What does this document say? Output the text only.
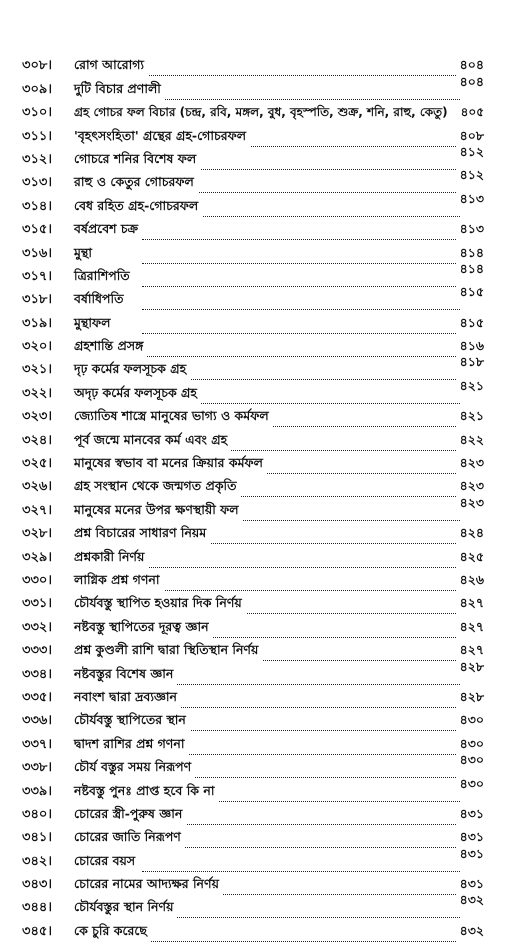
৩০৮।	রোগ আরোগ্য	৪০৪
৩০৯।	দুটি বিচার প্রণালী	৪০৪
৩১০।	গ্রহ গোচর ফল বিচার (চন্দ্র, রবি, মঙ্গল, বুধ, বৃহস্পতি, শুক্র, শনি, রাহু, কেতু) ৪০৫
৩১১।	'বৃহৎসংহিতা' গ্রন্থের গ্রহ-গোচরফল	৪০৮
৩১২।	গোচরে শনির বিশেষ ফল	৪১২
৩১৩।	রাহু ও কেতুর গোচরফল	৪১২
৩১৪।	বেধ রহিত গ্রহ-গোচরফল	৪১৩
৩১৫।	বর্ষপ্রবেশ চক্র	৪১৩
৩১৬।	মুন্থা	৪১৪
৩১৭।	ত্রিরাশিপতি	৪১৪
৩১৮।	বর্ষাধিপতি	৪১৫
৩১৯।	মুন্থাফল	৪১৫
৩২০।	গ্রহশান্তি প্রসঙ্গ	৪১৬
৩২১।	দৃঢ় কর্মের ফলসূচক গ্রহ	৪১৮
৩২২।	অদৃঢ় কর্মের ফলসূচক গ্রহ	৪২১
৩২৩।	জ্যোতিষ শাস্ত্রে মানুষের ভাগ্য ও কর্মফল	৪২১
৩২৪।	পূর্ব জন্মে মানবের কর্ম এবং গ্রহ	৪২২
৩২৫।	মানুষের স্বভাব বা মনের ক্রিয়ার কর্মফল	৪২৩
৩২৬।	গ্রহ সংস্থান থেকে জন্মগত প্রকৃতি	৪২৩
৩২৭।	মানুষের মনের উপর ক্ষণস্থায়ী ফল	৪২৩
৩২৮।	প্রশ্ন বিচারের সাধারণ নিয়ম	৪২৪
৩২৯।	প্রশ্নকারী নির্ণয়	৪২৫
৩৩০।	লাগ্নিক প্রশ্ন গণনা	৪২৬
৩৩১।	চৌর্যবস্তু স্থাপিত হওয়ার দিক নির্ণয়	৪২৭
৩৩২।	নষ্টবস্তু স্থাপিতের দূরত্ব জ্ঞান	৪২৭
৩৩৩।	প্রশ্ন কুণ্ডলী রাশি দ্বারা স্থিতিস্থান নির্ণয়	৪২৭
৩৩৪।	নষ্টবস্তুর বিশেষ জ্ঞান	৪২৮
৩৩৫।	নবাংশ দ্বারা দ্রব্যজ্ঞান	৪২৮
৩৩৬।	চৌর্যবস্তু স্থাপিতের স্থান	৪৩০
৩৩৭।	দ্বাদশ রাশির প্রশ্ন গণনা	৪৩০
৩৩৮।	চৌর্য বস্তুর সময় নিরূপণ	৪৩০
৩৩৯।	নষ্টবস্তু পুনঃ প্রাপ্ত হবে কি না	৪৩০
৩৪০।	চোরের স্ত্রী-পুরুষ জ্ঞান	৪৩১
৩৪১।	চোরের জাতি নিরূপণ	৪৩১
৩৪২।	চোরের বয়স	৪৩১
৩৪৩।	চোরের নামের আদ্যক্ষর নির্ণয়	৪৩১
৩৪৪।	চৌর্যবস্তুর স্থান নির্ণয়	৪৩২
৩৪৫।	কে চুরি করেছে	৪৩২
